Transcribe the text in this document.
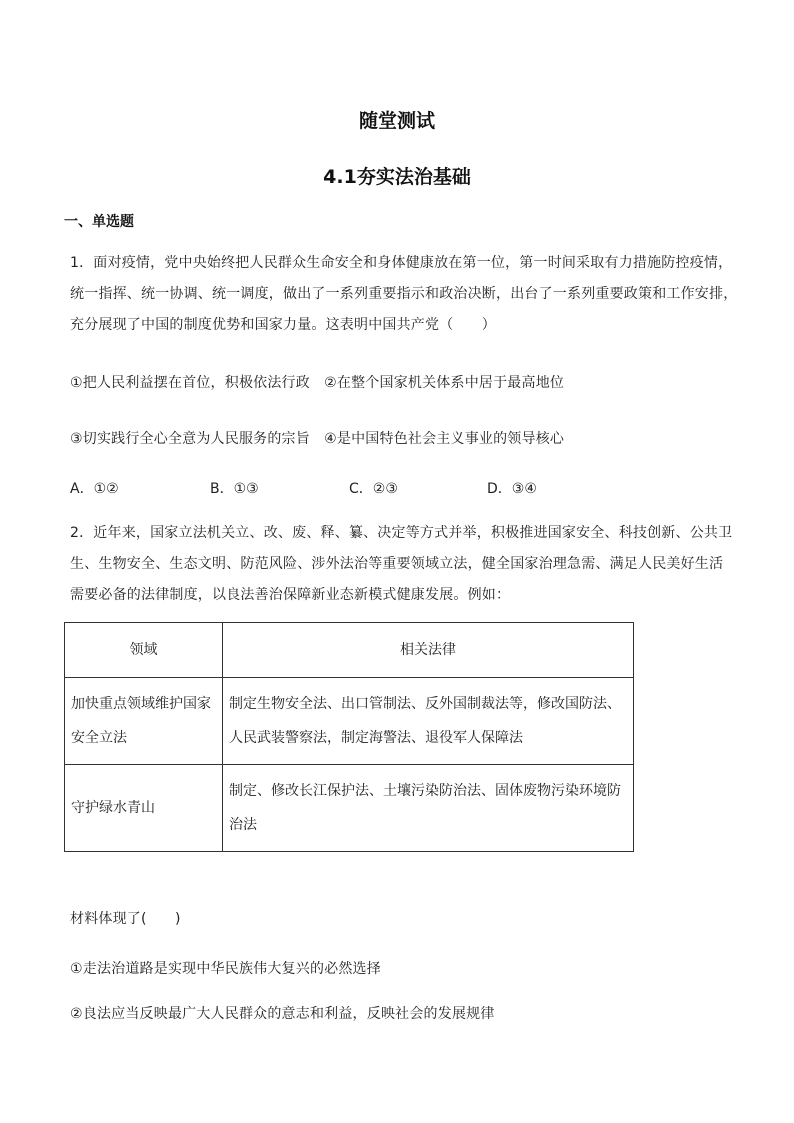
随堂测试
4.1夯实法治基础
一、单选题
1．面对疫情，党中央始终把人民群众生命安全和身体健康放在第一位，第一时间采取有力措施防控疫情，
统一指挥、统一协调、统一调度，做出了一系列重要指示和政治决断，出台了一系列重要政策和工作安排，
充分展现了中国的制度优势和国家力量。这表明中国共产党（　　）
①把人民利益摆在首位，积极依法行政　②在整个国家机关体系中居于最高地位
③切实践行全心全意为人民服务的宗旨　④是中国特色社会主义事业的领导核心
A．①②	B．①③	C．②③	D．③④
2．近年来，国家立法机关立、改、废、释、纂、决定等方式并举，积极推进国家安全、科技创新、公共卫
生、生物安全、生态文明、防范风险、涉外法治等重要领域立法，健全国家治理急需、满足人民美好生活
需要必备的法律制度，以良法善治保障新业态新模式健康发展。例如：
领域	相关法律

加快重点领域维护国家安全立法	制定生物安全法、出口管制法、反外国制裁法等，修改国防法、人民武装警察法，制定海警法、退役军人保障法

守护绿水青山	制定、修改长江保护法、土壤污染防治法、固体废物污染环境防治法
材料体现了(　　)
①走法治道路是实现中华民族伟大复兴的必然选择
②良法应当反映最广大人民群众的意志和利益，反映社会的发展规律
